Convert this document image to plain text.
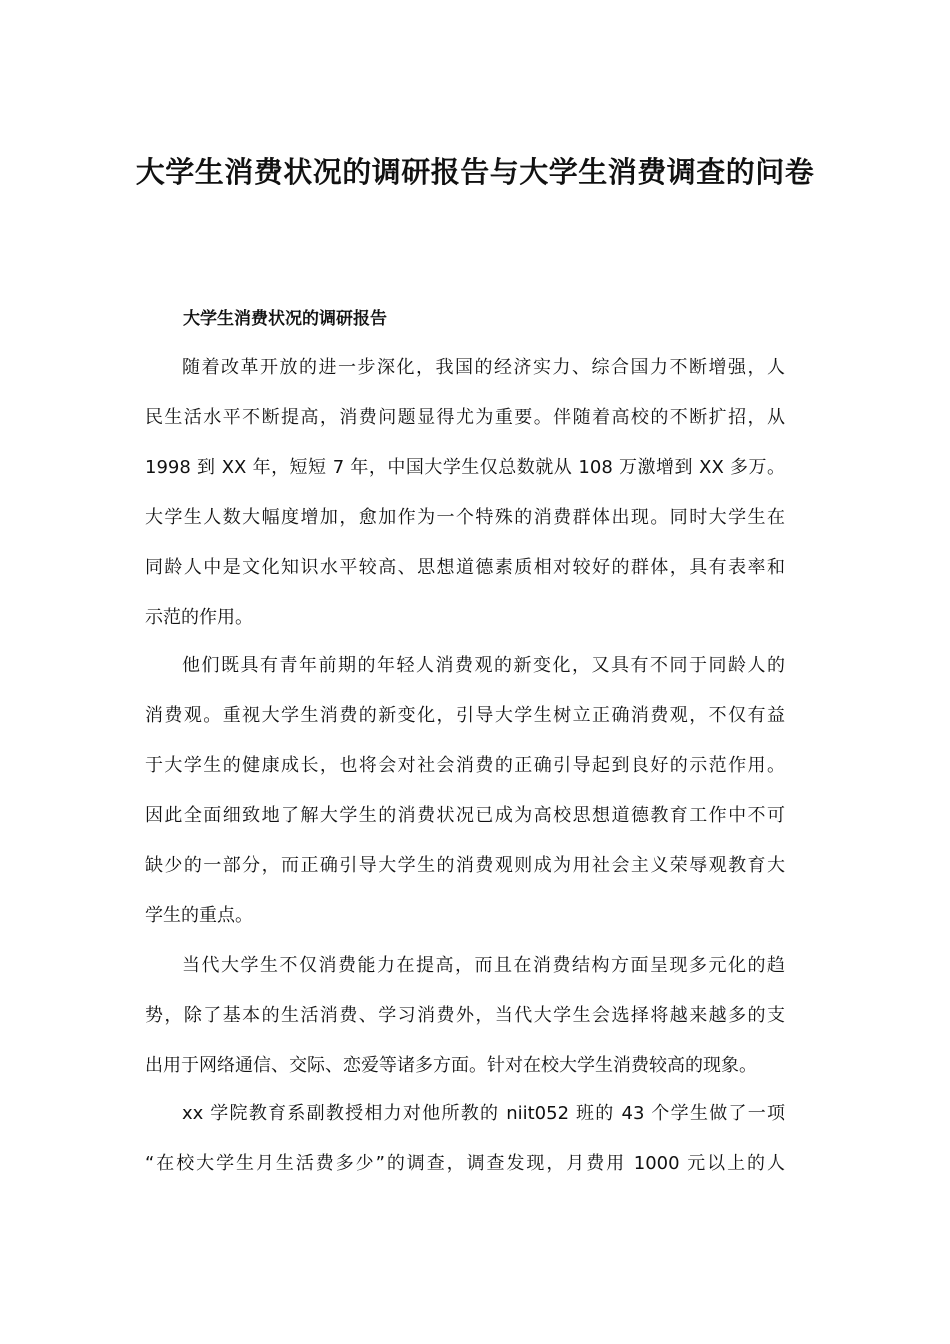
大学生消费状况的调研报告与大学生消费调查的问卷
大学生消费状况的调研报告
随着改革开放的进一步深化，我国的经济实力、综合国力不断增强，人
民生活水平不断提高，消费问题显得尤为重要。伴随着高校的不断扩招，从
1998 到 XX 年，短短 7 年，中国大学生仅总数就从 108 万激增到 XX 多万。
大学生人数大幅度增加，愈加作为一个特殊的消费群体出现。同时大学生在
同龄人中是文化知识水平较高、思想道德素质相对较好的群体，具有表率和
示范的作用。
他们既具有青年前期的年轻人消费观的新变化，又具有不同于同龄人的
消费观。重视大学生消费的新变化，引导大学生树立正确消费观，不仅有益
于大学生的健康成长，也将会对社会消费的正确引导起到良好的示范作用。
因此全面细致地了解大学生的消费状况已成为高校思想道德教育工作中不可
缺少的一部分，而正确引导大学生的消费观则成为用社会主义荣辱观教育大
学生的重点。
当代大学生不仅消费能力在提高，而且在消费结构方面呈现多元化的趋
势，除了基本的生活消费、学习消费外，当代大学生会选择将越来越多的支
出用于网络通信、交际、恋爱等诸多方面。针对在校大学生消费较高的现象。
xx 学院教育系副教授相力对他所教的 niit052 班的 43 个学生做了一项
“在校大学生月生活费多少”的调查，调查发现，月费用 1000 元以上的人
